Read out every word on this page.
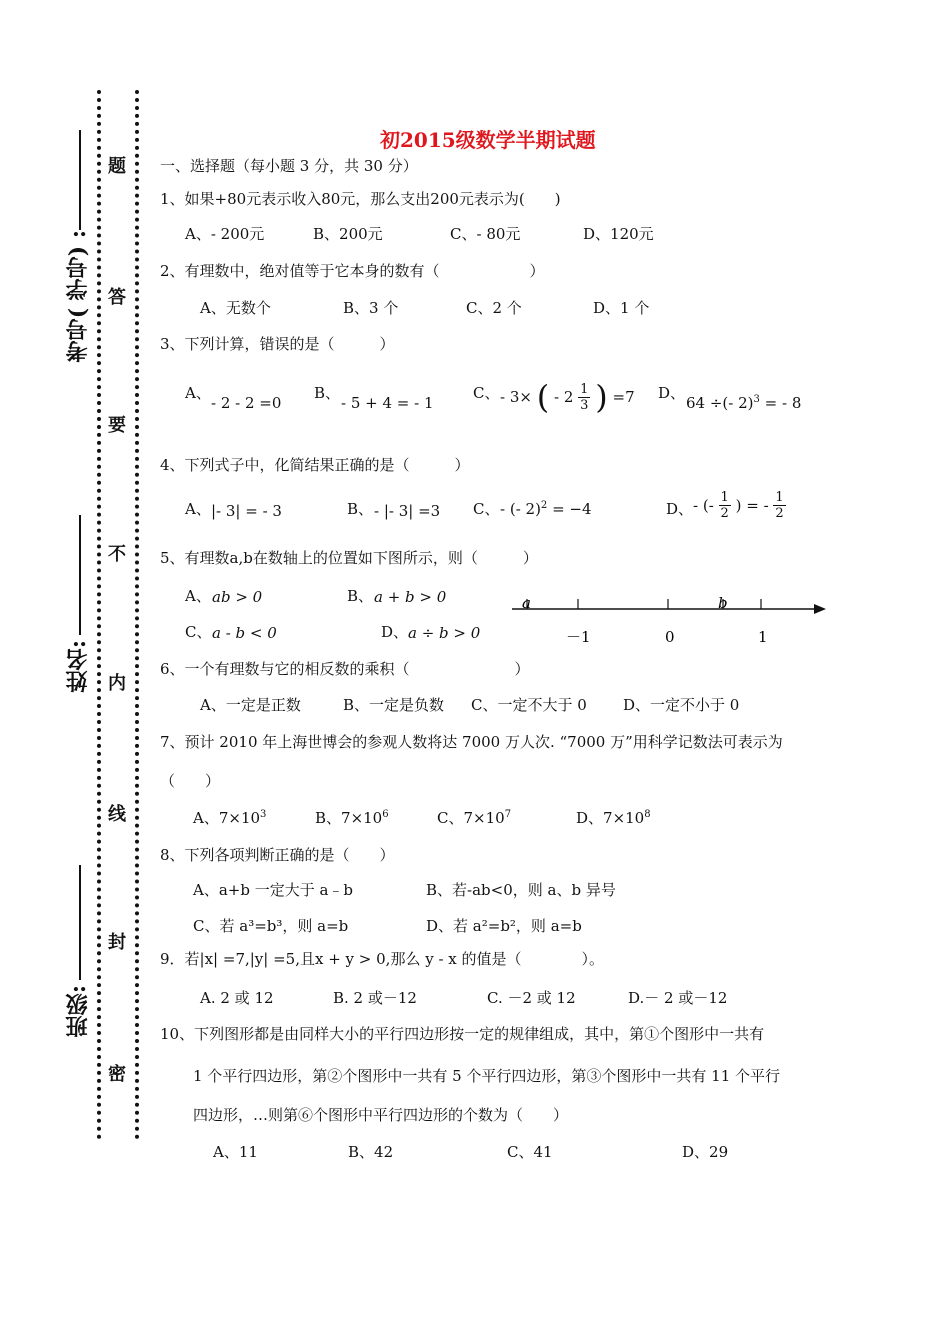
考号( 学号) :
姓名:
班级:
题
答
要
不
内
线
封
密
初2015级数学半期试题
一、选择题（每小题 3 分，共 30 分）
1、如果+80元表示收入80元，那么支出200元表示为(　　)
A、- 200元	B、200元	C、- 80元	D、120元
2、有理数中，绝对值等于它本身的数有（　　　　　　）
A、无数个	B、3 个	C、2 个	D、1 个
3、下列计算，错误的是（　　　）
A、
- 2 - 2 =0
B、
- 5 + 4 = - 1
C、 - 3× ( - $2 \frac{1}{3}$ ) =7 D、
64 ÷(- 2)$^3$ = - 8
4、下列式子中，化简结果正确的是（　　　）
A、 |- 3| = - 3	B、 - |- 3| =3 C、 - (- 2)$^2$ = −4	D、 - (- $\frac{1}{2}$ ) = - $\frac{1}{2}$
5、有理数a,b在数轴上的位置如下图所示，则（　　　）
A、 ab > 0	B、 a + b > 0
C、 a - b < 0	D、 a ÷ b > 0
a	b
－1	0	1
6、一个有理数与它的相反数的乘积（　　　　　　　）
A、一定是正数	B、一定是负数 C、一定不大于 0 D、一定不小于 0
7、预计 2010 年上海世博会的参观人数将达 7000 万人次. “7000 万”用科学记数法可表示为
（　　）
A、$7\times 10^3$	B、$7\times 10^6$	C、$7\times 10^7$	D、$7\times 10^8$
8、下列各项判断正确的是（　　）
A、a+b 一定大于 a﹣b	B、若-ab<0，则 a、b 异号
C、若 a³=b³，则 a=b	D、若 a²=b²，则 a=b
9．若|x| =7,|y| =5,且x + y > 0,那么 y - x 的值是（　　　　）。
A. 2 或 12	B. 2 或－12	C. －2 或 12	D.－ 2 或－12
10、下列图形都是由同样大小的平行四边形按一定的规律组成，其中，第①个图形中一共有
1 个平行四边形，第②个图形中一共有 5 个平行四边形，第③个图形中一共有 11 个平行
四边形，…则第⑥个图形中平行四边形的个数为（　　）
A、11	B、42	C、41	D、29
